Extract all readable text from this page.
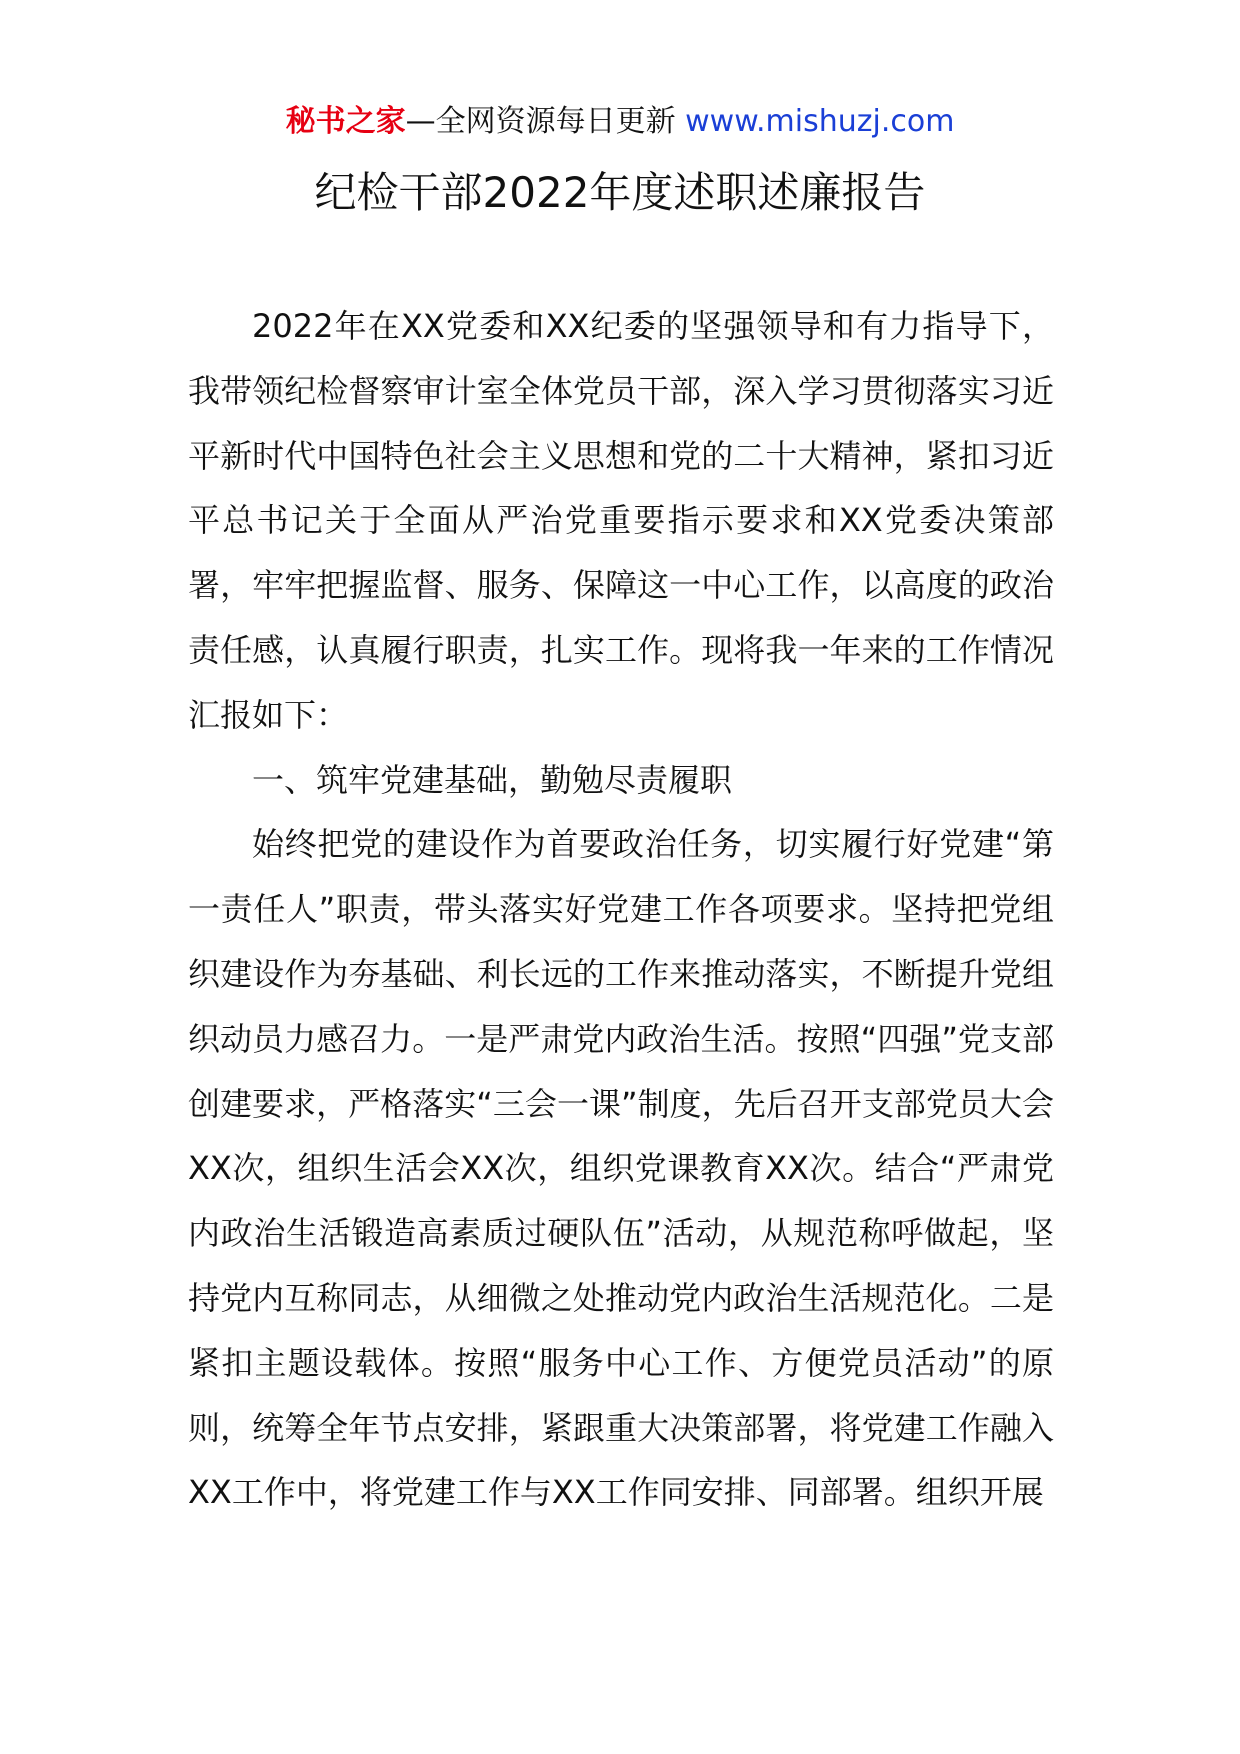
秘书之家—全网资源每日更新 www.mishuzj.com
纪检干部2022年度述职述廉报告

2022年在XX党委和XX纪委的坚强领导和有力指导下，我带领纪检督察审计室全体党员干部，深入学习贯彻落实习近平新时代中国特色社会主义思想和党的二十大精神，紧扣习近平总书记关于全面从严治党重要指示要求和XX党委决策部署，牢牢把握监督、服务、保障这一中心工作，以高度的政治责任感，认真履行职责，扎实工作。现将我一年来的工作情况汇报如下：

一、筑牢党建基础，勤勉尽责履职

始终把党的建设作为首要政治任务，切实履行好党建“第一责任人”职责，带头落实好党建工作各项要求。坚持把党组织建设作为夯基础、利长远的工作来推动落实，不断提升党组织动员力感召力。一是严肃党内政治生活。按照“四强”党支部创建要求，严格落实“三会一课”制度，先后召开支部党员大会XX次，组织生活会XX次，组织党课教育XX次。结合“严肃党内政治生活锻造高素质过硬队伍”活动，从规范称呼做起，坚持党内互称同志，从细微之处推动党内政治生活规范化。二是紧扣主题设载体。按照“服务中心工作、方便党员活动”的原则，统筹全年节点安排，紧跟重大决策部署，将党建工作融入XX工作中，将党建工作与XX工作同安排、同部署。组织开展
